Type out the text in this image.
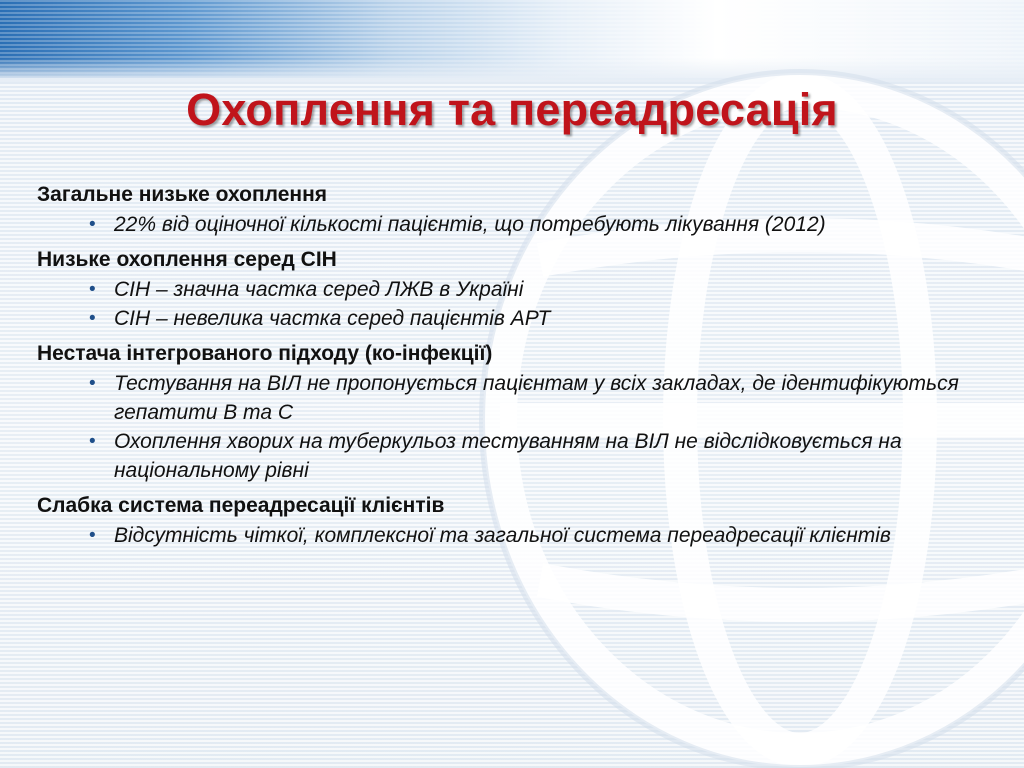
Охоплення та переадресація

Загальне низьке охоплення

• 22% від оціночної кількості пацієнтів, що потребують лікування (2012)

Низьке охоплення серед СІН

• СІН – значна частка серед ЛЖВ в Україні
• СІН – невелика частка серед пацієнтів АРТ

Нестача інтегрованого підходу (ко-інфекції)

• Тестування на ВІЛ не пропонується пацієнтам у всіх закладах, де ідентифікуються гепатити В та С
• Охоплення хворих на туберкульоз тестуванням на ВІЛ не відслідковується на національному рівні

Слабка система переадресації клієнтів

• Відсутність чіткої, комплексної та загальної система переадресації клієнтів
